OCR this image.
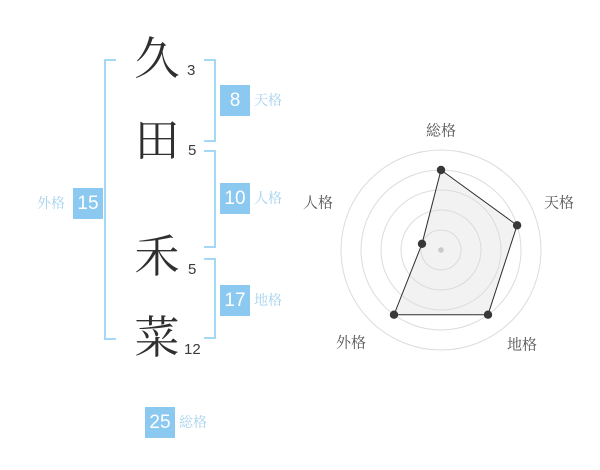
久
田
禾
菜
3
5
5
12
8 天格
10 人格
17 地格
外格 15
25 総格
総格
天格
地格
外格
人格
